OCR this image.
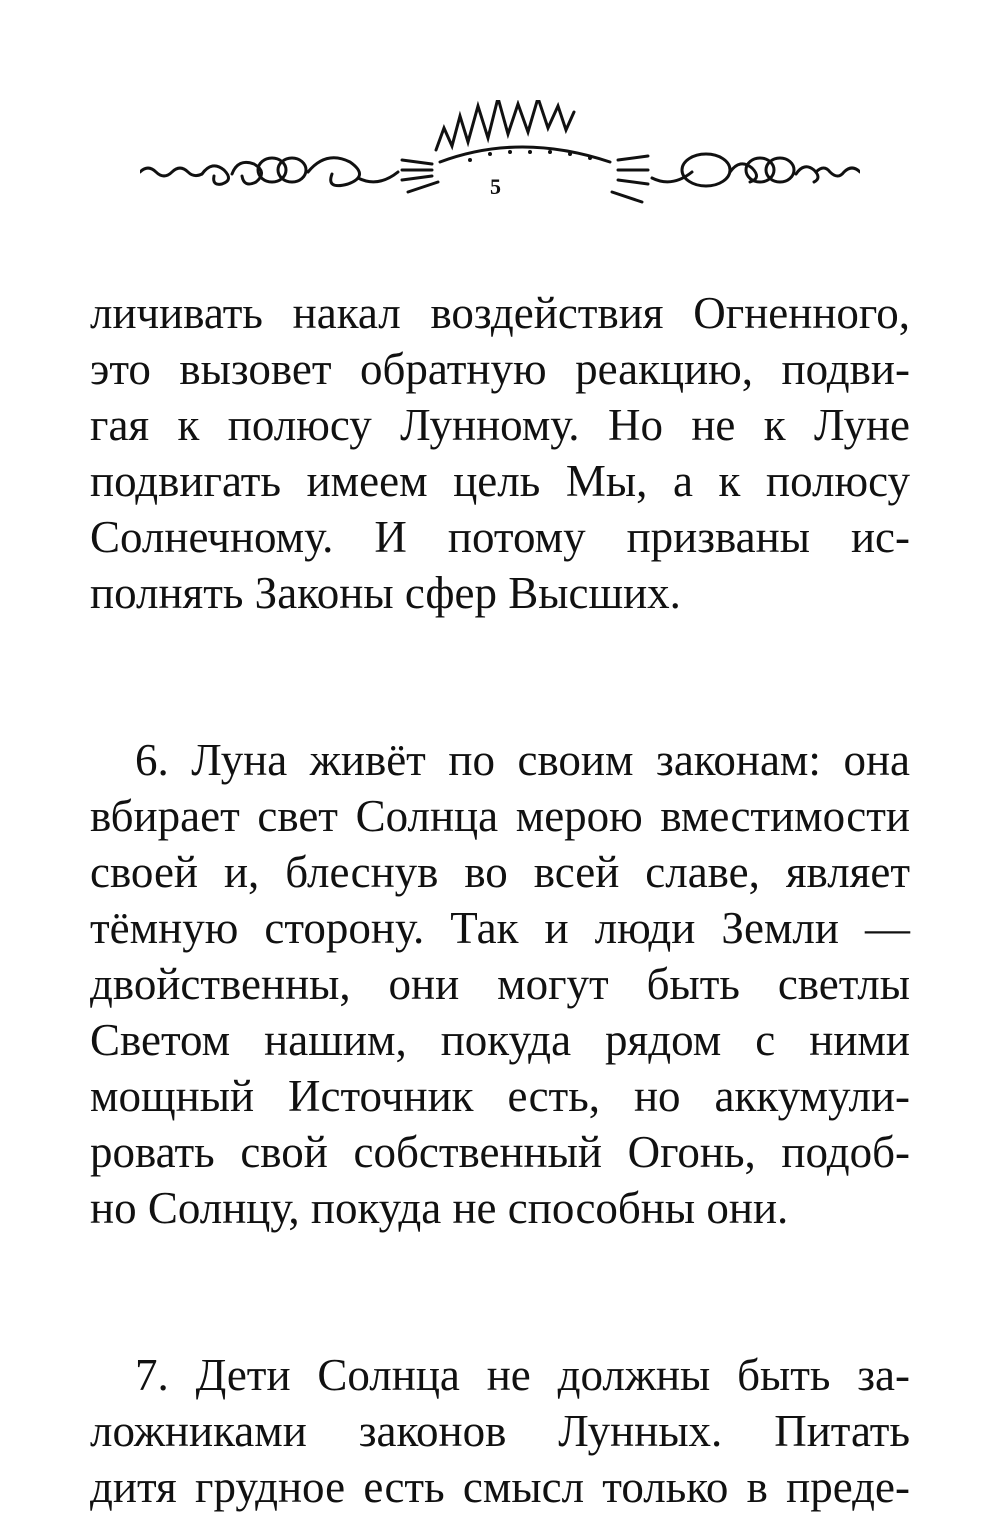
5
личивать накал воздействия Огненного,
это вызовет обратную реакцию, подви-
гая к полюсу Лунному. Но не к Луне
подвигать имеем цель Мы, а к полюсу
Солнечному. И потому призваны ис-
полнять Законы сфер Высших.
6. Луна живёт по своим законам: она
вбирает свет Солнца мерою вместимости
своей и, блеснув во всей славе, являет
тёмную сторону. Так и люди Земли —
двойственны, они могут быть светлы
Светом нашим, покуда рядом с ними
мощный Источник есть, но аккумули-
ровать свой собственный Огонь, подоб-
но Солнцу, покуда не способны они.
7. Дети Солнца не должны быть за-
ложниками законов Лунных. Питать
дитя грудное есть смысл только в преде-
